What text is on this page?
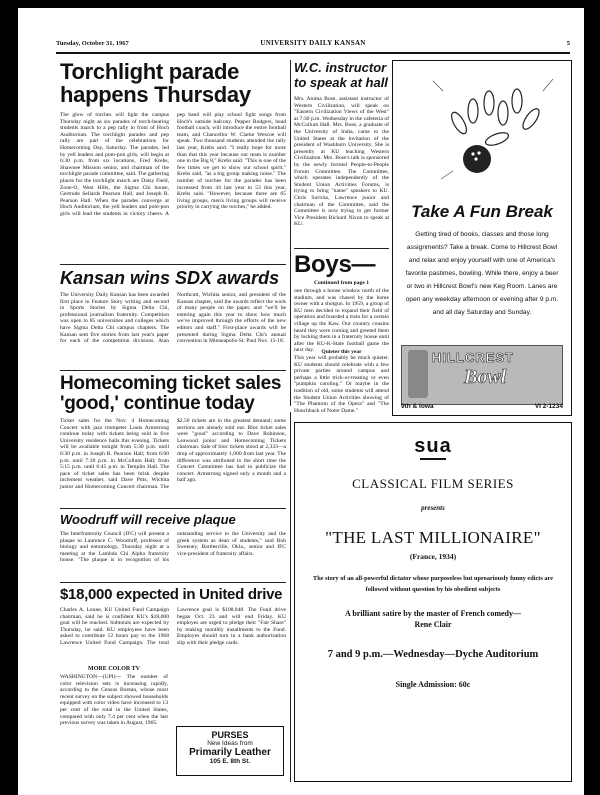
Tuesday, October 31, 1967	UNIVERSITY DAILY KANSAN	5
Torchlight parade happens Thursday
The glow of torches will light the campus Thursday night as six parades of torch-bearing students march to a pep rally in front of Hoch Auditorium. The torchlight parades and pep rally are part of the celebrations for Homecoming Day, Saturday. The parades, led by yell leaders and pom-pon girls, will begin at 6:30 p.m. from six locations, Fred Krebs, Shawnee Mission senior, and chairman of the torchlight parade committee, said. The gathering places for the torchlight march are Daisy Field, Zone-O, West Hills, the Sigma Chi house, Gertrude Sellards Pearson Hall, and Joseph R. Pearson Hall. When the parades converge at Hoch Auditorium, the yell leaders and pom-pon girls will lead the students in victory cheers. A pep band will play school fight songs from Hoch's outside balcony. Pepper Rodgers, head football coach, will introduce the entire football team, and Chancellor W. Clarke Wescoe will speak. Two thousand students attended the rally last year, Krebs said. "I really hope for more than that this year because our team is number one in the Big 8," Krebs said. "This is one of the few times we get to show our school spirit," Krebs said, "as a big group making noise." The number of torches for the parades has been increased from 44 last year to 53 this year, Krebs said. "However, because there are 65 living groups, men's living groups will receive priority in carrying the torches," he added.
W.C. instructor to speak at hall
Mrs. Anima Bose, assistant instructor of Western Civilization, will speak on "Eastern Civilization Views of the West" at 7:30 p.m. Wednesday in the cafeteria of McCollum Hall. Mrs. Bose, a graduate of the University of India, came to the United States at the invitation of the president of Washburn University. She is presently at KU teaching Western Civilization. Mrs. Bose's talk is sponsored by the newly formed People-to-People Forum Committee. The Committee, which operates independently of the Student Union Activities Forums, is trying to bring "name" speakers to KU. Chris Suricks, Lawrence junior and chairman of the Committee, said the Committee is now trying to get former Vice President Richard Nixon to speak at KU.
Kansan wins SDX awards
The University Daily Kansan has been awarded first place in Feature Story writing and second in Sports Stories by Sigma Delta Chi, professional journalism fraternity. Competition was open to 85 universities and colleges which have Sigma Delta Chi campus chapters. The Kansan sent five stories from last year's paper for each of the competition divisions. Alan Northcutt, Wichita senior, and president of the Kansas chapter, said the awards reflect the work of many people on the paper, and "we'll be entering again this year to show how much we've improved through the efforts of the new editors and staff." First-place awards will be presented during Sigma Delta Chi's annual convention in Minneapolis-St. Paul Nov. 15-18.
Boys—
Continued from page 1
one through a house window north of the stadium, and was chased by the home owner with a shotgun. In 1959, a group of KU men decided to expand their field of operation and boarded a train for a certain village up the Kaw. Our country cousins heard they were coming and greeted them by locking them in a fraternity house until after the KU-K-State football game the next day.	Quieter this year
This year will probably be much quieter. KU students should celebrate with a few private parties around campus and perhaps a little trick-or-treating or even "pumpkin caroling." Or maybe in the tradition of old, some students will attend the Student Union Activities showing of "The Phantom of the Opera" and "The Hunchback of Notre Dame."
Take A Fun Break
Getting tired of books, classes and those long assignments? Take a break. Come to Hillcrest Bowl and relax and enjoy yourself with one of America's favorite pastimes, bowling. While there, enjoy a beer or two in Hillcrest Bowl's new Keg Room. Lanes are open any weekday afternoon or evening after 9 p.m. and all day Saturday and Sunday.
HILLCREST
Bowl
9th & Iowa	VI 2-1234
Homecoming ticket sales 'good,' continue today
Ticket sales for the Nov. 4 Homecoming Concert with jazz trumpeter Louis Armstrong continue today with tickets being sold in five University residence halls this evening. Tickets will be available tonight from 5:30 p.m. until 6:30 p.m. in Joseph R. Pearson Hall; from 6:00 p.m. until 7:30 p.m. in McCollum Hall; from 5:15 p.m. until 6:45 p.m. in Templin Hall. The pace of ticket sales has been brisk despite inclement weather, said Dave Pitts, Wichita junior and Homecoming Concert chairman. The $2.50 tickets are in the greatest demand; some sections are already sold out. Bloc ticket sales were "good" according to Dave Robinson, Leawood junior and Homecoming Tickets chairman. Sale of bloc tickets stood at 2,333—a drop of approximately 1,000 from last year. The difference was attributed to the short time the Concert Committee has had to publicize the concert. Armstrong signed only a month and a half ago.
Woodruff will receive plaque
The Interfraternity Council (IFC) will present a plaque to Laurence C. Woodruff, professor of biology and entomology, Thursday night at a meeting at the Lambda Chi Alpha fraternity house. "The plaque is in recognition of his outstanding service to the University and the greek system as dean of students," said Bob Sweeney, Bartlesville, Okla., senior and IFC vice-president of fraternity affairs.
$18,000 expected in United drive
Charles A. Leone, KU United Fund Campaign chairman, said he is confident KU's $18,000 goal will be reached. Subtotals are expected by Thursday, he said. KU employees have been asked to contribute 12 hours pay to the 1968 Lawrence United Fund Campaign. The total Lawrence goal is $108,048. The Fund drive began Oct. 23 and will end Friday. KU employes are urged to pledge their "Fair Share" by making monthly installments to the Fund. Employes should turn in a bank authorization slip with their pledge cards.
MORE COLOR TV
WASHINGTON—(UPI)— The number of color television sets is increasing rapidly, according to the Census Bureau, whose most recent survey on the subject showed households equipped with color video have increased to 13 per cent of the total in the United States, compared with only 7.4 per cent when the last previous survey was taken in August, 1965.
PURSES
New Ideas from
Primarily Leather
105 E. 8th St.
sua
CLASSICAL FILM SERIES
presents
"THE LAST MILLIONAIRE"
(France, 1934)
The story of an all-powerful dictator whose purposeless but uproariously funny edicts are followed without question by his obedient subjects
A brilliant satire by the master of French comedy—
Rene Clair
7 and 9 p.m.—Wednesday—Dyche Auditorium
Single Admission: 60c
